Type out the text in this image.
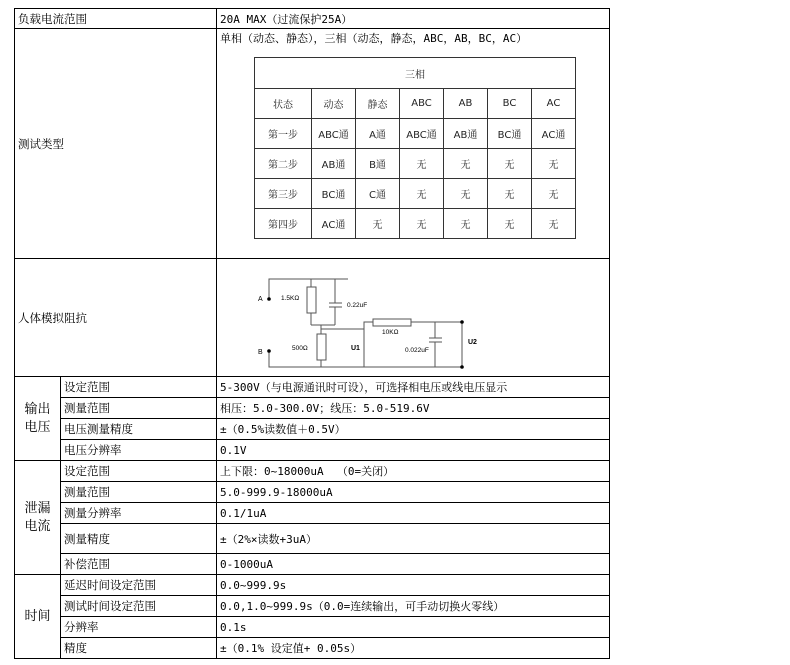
负载电流范围	20A MAX（过流保护25A）
测试类型	
单相（动态、静态），三相（动态，静态，ABC，AB，BC，AC）
三相
状态	动态	静态	ABC	AB	BC	AC
第一步	ABC通	A通	ABC通	AB通	BC通	AC通
第二步	AB通	B通	无	无	无	无
第三步	BC通	C通	无	无	无	无
第四步	AC通	无	无	无	无	无

人体模拟阻抗	
A
B
1.5KΩ
0.22uF
500Ω
10KΩ
0.022uF
U1
U2

输出电压	设定范围	5-300V（与电源通讯时可设），可选择相电压或线电压显示
测量范围	相压：5.0-300.0V；线压：5.0-519.6V
电压测量精度	±（0.5%读数值＋0.5V）
电压分辨率	0.1V
泄漏电流	设定范围	上下限：0~18000uA  （0=关闭）
测量范围	5.0-999.9-18000uA
测量分辨率	0.1/1uA
测量精度	±（2%×读数+3uA）
补偿范围	0-1000uA
时间	延迟时间设定范围	0.0~999.9s
测试时间设定范围	0.0,1.0~999.9s（0.0=连续输出，可手动切换火零线）
分辨率	0.1s
精度	±（0.1% 设定值+ 0.05s）
